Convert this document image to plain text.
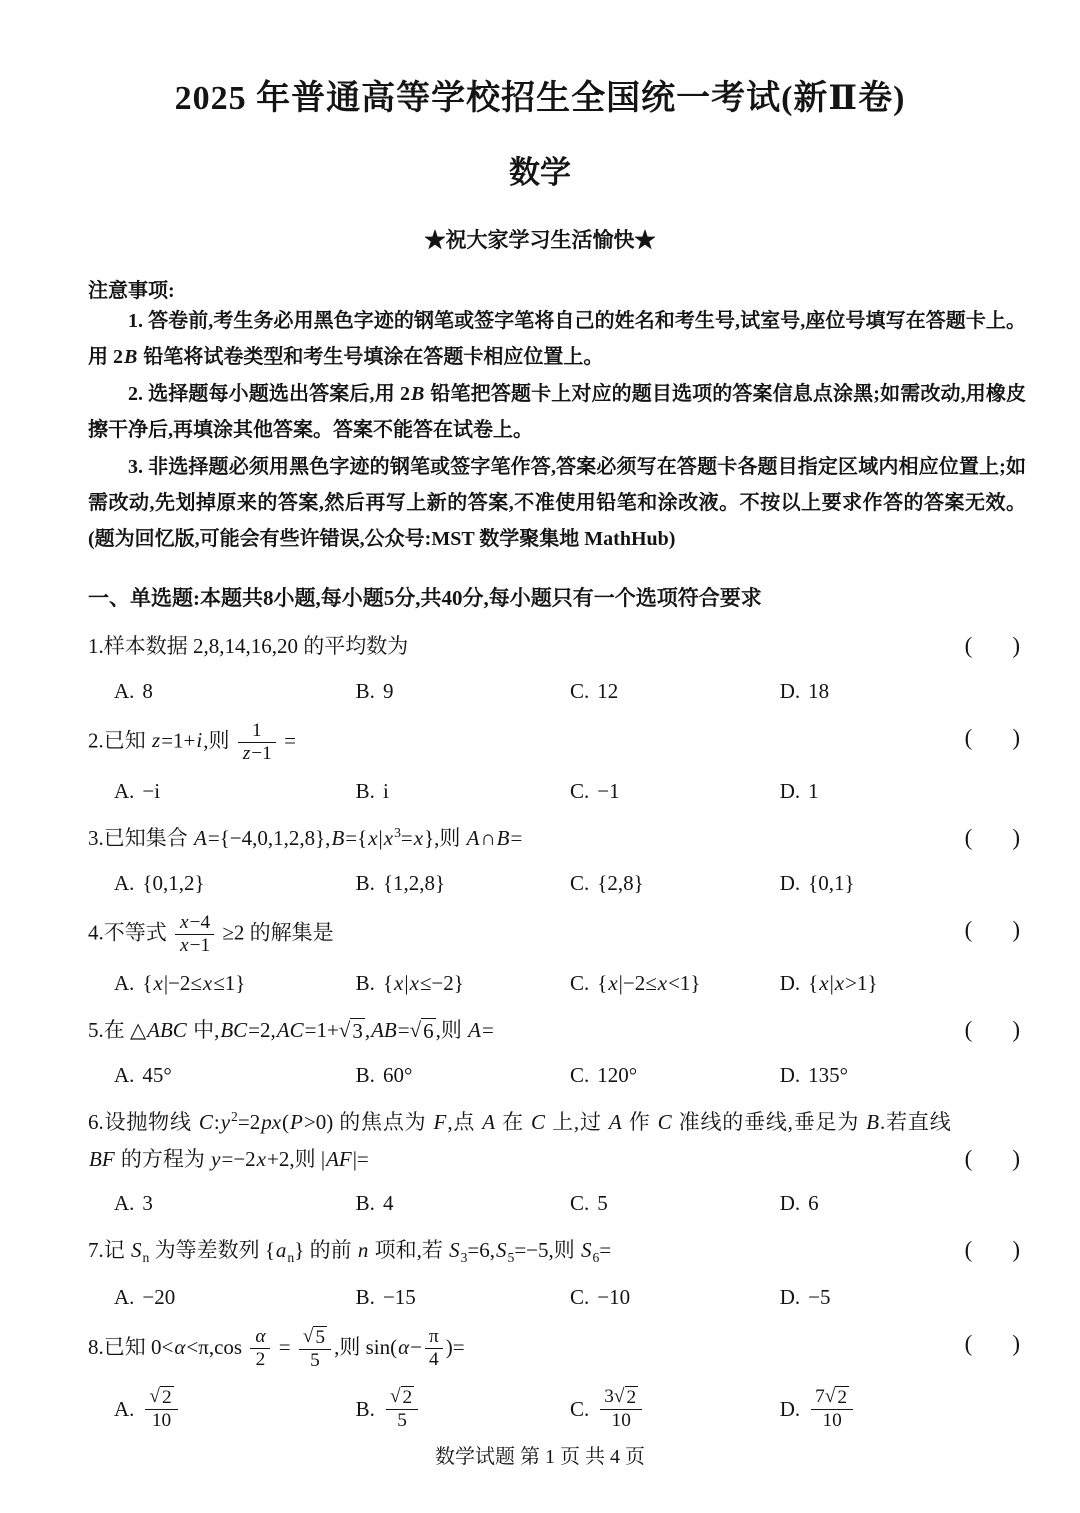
2025 年普通高等学校招生全国统一考试(新Ⅱ卷)
数学
★祝大家学习生活愉快★
注意事项:

1. 答卷前,考生务必用黑色字迹的钢笔或签字笔将自己的姓名和考生号,试室号,座位号填写在答题卡上。用 2B 铅笔将试卷类型和考生号填涂在答题卡相应位置上。

2. 选择题每小题选出答案后,用 2B 铅笔把答题卡上对应的题目选项的答案信息点涂黑;如需改动,用橡皮擦干净后,再填涂其他答案。答案不能答在试卷上。

3. 非选择题必须用黑色字迹的钢笔或签字笔作答,答案必须写在答题卡各题目指定区域内相应位置上;如需改动,先划掉原来的答案,然后再写上新的答案,不准使用铅笔和涂改液。不按以上要求作答的答案无效。(题为回忆版,可能会有些许错误,公众号:MST 数学聚集地 MathHub)

一、单选题:本题共8小题,每小题5分,共40分,每小题只有一个选项符合要求
1.样本数据 2,8,14,16,20 的平均数为	( )
A. 8	B. 9	C. 12	D. 18
2.已知 z=1+i,则 $\frac{1}{z-1}$ =	( )
A. −i	B. i	C. −1	D. 1
3.已知集合 $A=\{-4,0,1,2,8\},B=\{x|x^3=x\}$,则 A∩B=	( )
A. {0,1,2}	B. {1,2,8}	C. {2,8}	D. {0,1}
4.不等式 $\frac{x-4}{x-1} \ge 2$ 的解集是	( )
A. {x|−2≤x≤1}	B. {x|x≤−2}	C. {x|−2≤x<1}	D. {x|x>1}
5.在 △ABC 中,BC=2,AC=1+ √ 3 ,AB= √ 6 ,则 A=	( )
A. 45°	B. 60°	C. 120°	D. 135°
6.设抛物线 $C:y^2=2px(P>0)$ 的焦点为 F,点 A 在 C 上,过 A 作 C 准线的垂线,垂足为 B.若直线 BF 的方程为 y=−2x+2,则 |AF|=	( )
A. 3	B. 4	C. 5	D. 6
7.记 $S_n$ 为等差数列 $\{a_n\}$ 的前 n 项和,若 $S_3=6,S_5=-5$,则 $S_6=$	( )
A. −20	B. −15	C. −10	D. −5
8.已知 $0<\alpha<\pi,\cos \frac{\alpha}{2} = \frac{√ 5}{5}$ ,则 $\sin(\alpha- \frac{\pi}{4}$ )=	( )
A. $\frac{√ 2}{10}$	B. $\frac{√ 2}{5}$	C. $\frac{3 √ 2}{10}$	D. $\frac{7 √ 2}{10}$
数学试题 第 1 页 共 4 页
